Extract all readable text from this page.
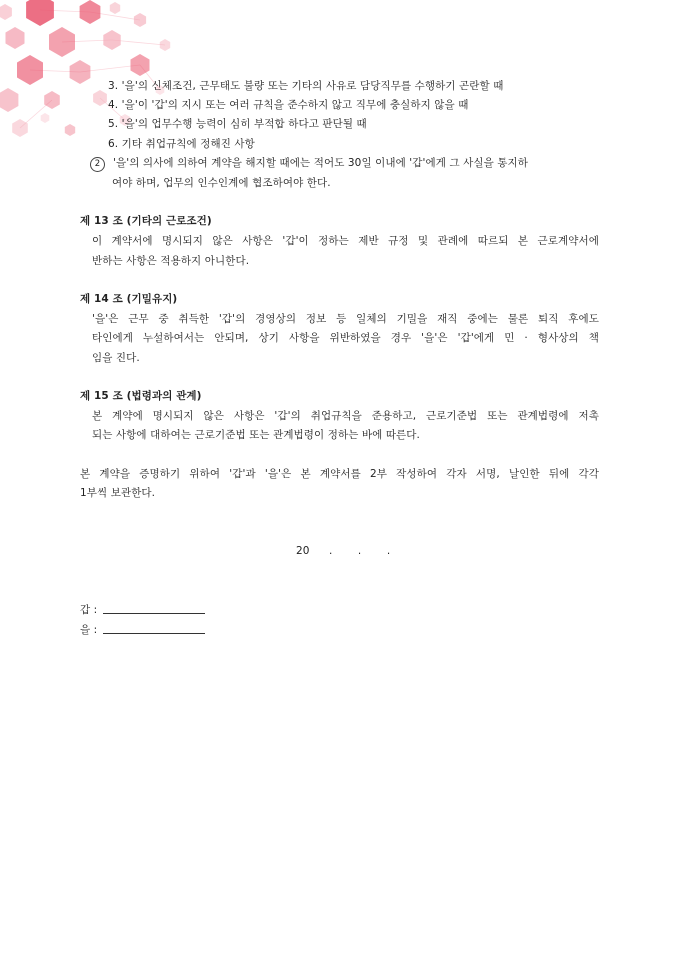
3. '을'의 신체조건, 근무태도 불량 또는 기타의 사유로 담당직무를 수행하기 곤란할 때
4. '을'이 '갑'의 지시 또는 여러 규칙을 준수하지 않고 직무에 충실하지 않을 때
5. '을'의 업무수행 능력이 심히 부적합 하다고 판단될 때
6. 기타 취업규칙에 정해진 사항
2 '을'의 의사에 의하여 계약을 해지할 때에는 적어도 30일 이내에 '갑'에게 그 사실을 통지하
여야 하며, 업무의 인수인계에 협조하여야 한다.
제 13 조 (기타의 근로조건)
이 계약서에 명시되지 않은 사항은 '갑'이 정하는 제반 규정 및 관례에 따르되 본 근로계약서에
반하는 사항은 적용하지 아니한다.
제 14 조 (기밀유지)
'을'은 근무 중 취득한 '갑'의 경영상의 정보 등 일체의 기밀을 재직 중에는 물론 퇴직 후에도
타인에게 누설하여서는 안되며, 상기 사항을 위반하였을 경우 '을'은 '갑'에게 민 · 형사상의 책
임을 진다.
제 15 조 (법령과의 관계)
본 계약에 명시되지 않은 사항은 '갑'의 취업규칙을 준용하고, 근로기준법 또는 관계법령에 저촉
되는 사항에 대하여는 근로기준법 또는 관계법령이 정하는 바에 따른다.
본 계약을 증명하기 위하여 '갑'과 '을'은 본 계약서를 2부 작성하여 각자 서명, 날인한 뒤에 각각
1부씩 보관한다.
20 . . .
갑 :
을 :
